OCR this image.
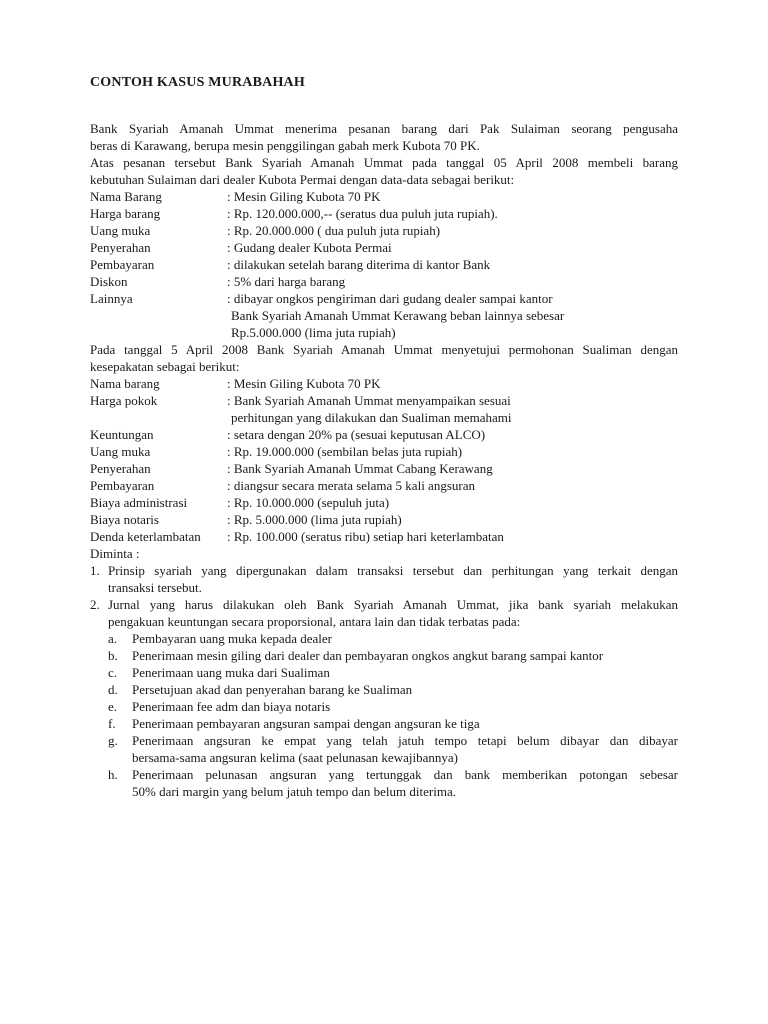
CONTOH KASUS MURABAHAH

Bank Syariah Amanah Ummat menerima pesanan barang dari Pak Sulaiman seorang pengusaha

beras di Karawang, berupa mesin penggilingan gabah merk Kubota 70 PK.

Atas pesanan tersebut Bank Syariah Amanah Ummat pada tanggal 05 April 2008 membeli barang

kebutuhan Sulaiman dari dealer Kubota Permai dengan data-data sebagai berikut:

Nama Barang	: Mesin Giling Kubota 70 PK
Harga barang	: Rp. 120.000.000,-- (seratus dua puluh juta rupiah).
Uang muka	: Rp. 20.000.000 ( dua puluh juta rupiah)
Penyerahan	: Gudang dealer Kubota Permai
Pembayaran	: dilakukan setelah barang diterima di kantor Bank
Diskon	: 5% dari harga barang
Lainnya	: dibayar ongkos pengiriman dari gudang dealer sampai kantor
Bank Syariah Amanah Ummat Kerawang beban lainnya sebesar
Rp.5.000.000 (lima juta rupiah)

Pada tanggal 5 April 2008 Bank Syariah Amanah Ummat menyetujui permohonan Sualiman dengan

kesepakatan sebagai berikut:

Nama barang	: Mesin Giling Kubota 70 PK
Harga pokok	: Bank Syariah Amanah Ummat menyampaikan sesuai
perhitungan yang dilakukan dan Sualiman memahami
Keuntungan	: setara dengan 20% pa (sesuai keputusan ALCO)
Uang muka	: Rp. 19.000.000 (sembilan belas juta rupiah)
Penyerahan	: Bank Syariah Amanah Ummat Cabang Kerawang
Pembayaran	: diangsur secara merata selama 5 kali angsuran
Biaya administrasi	: Rp. 10.000.000 (sepuluh juta)
Biaya notaris	: Rp. 5.000.000 (lima juta rupiah)
Denda keterlambatan	: Rp. 100.000 (seratus ribu) setiap hari keterlambatan

Diminta :

1. Prinsip syariah yang dipergunakan dalam transaksi tersebut dan perhitungan yang terkait dengan

transaksi tersebut.

2. Jurnal yang harus dilakukan oleh Bank Syariah Amanah Ummat, jika bank syariah melakukan

pengakuan keuntungan secara proporsional, antara lain dan tidak terbatas pada:

a.	Pembayaran uang muka kepada dealer
b.	Penerimaan mesin giling dari dealer dan pembayaran ongkos angkut barang sampai kantor
c.	Penerimaan uang muka dari Sualiman
d.	Persetujuan akad dan penyerahan barang ke Sualiman
e.	Penerimaan fee adm dan biaya notaris
f.	Penerimaan pembayaran angsuran sampai dengan angsuran ke tiga
g.	Penerimaan angsuran ke empat yang telah jatuh tempo tetapi belum dibayar dan dibayar

bersama-sama angsuran kelima (saat pelunasan kewajibannya)

h.	Penerimaan pelunasan angsuran yang tertunggak dan bank memberikan potongan sebesar

50% dari margin yang belum jatuh tempo dan belum diterima.
